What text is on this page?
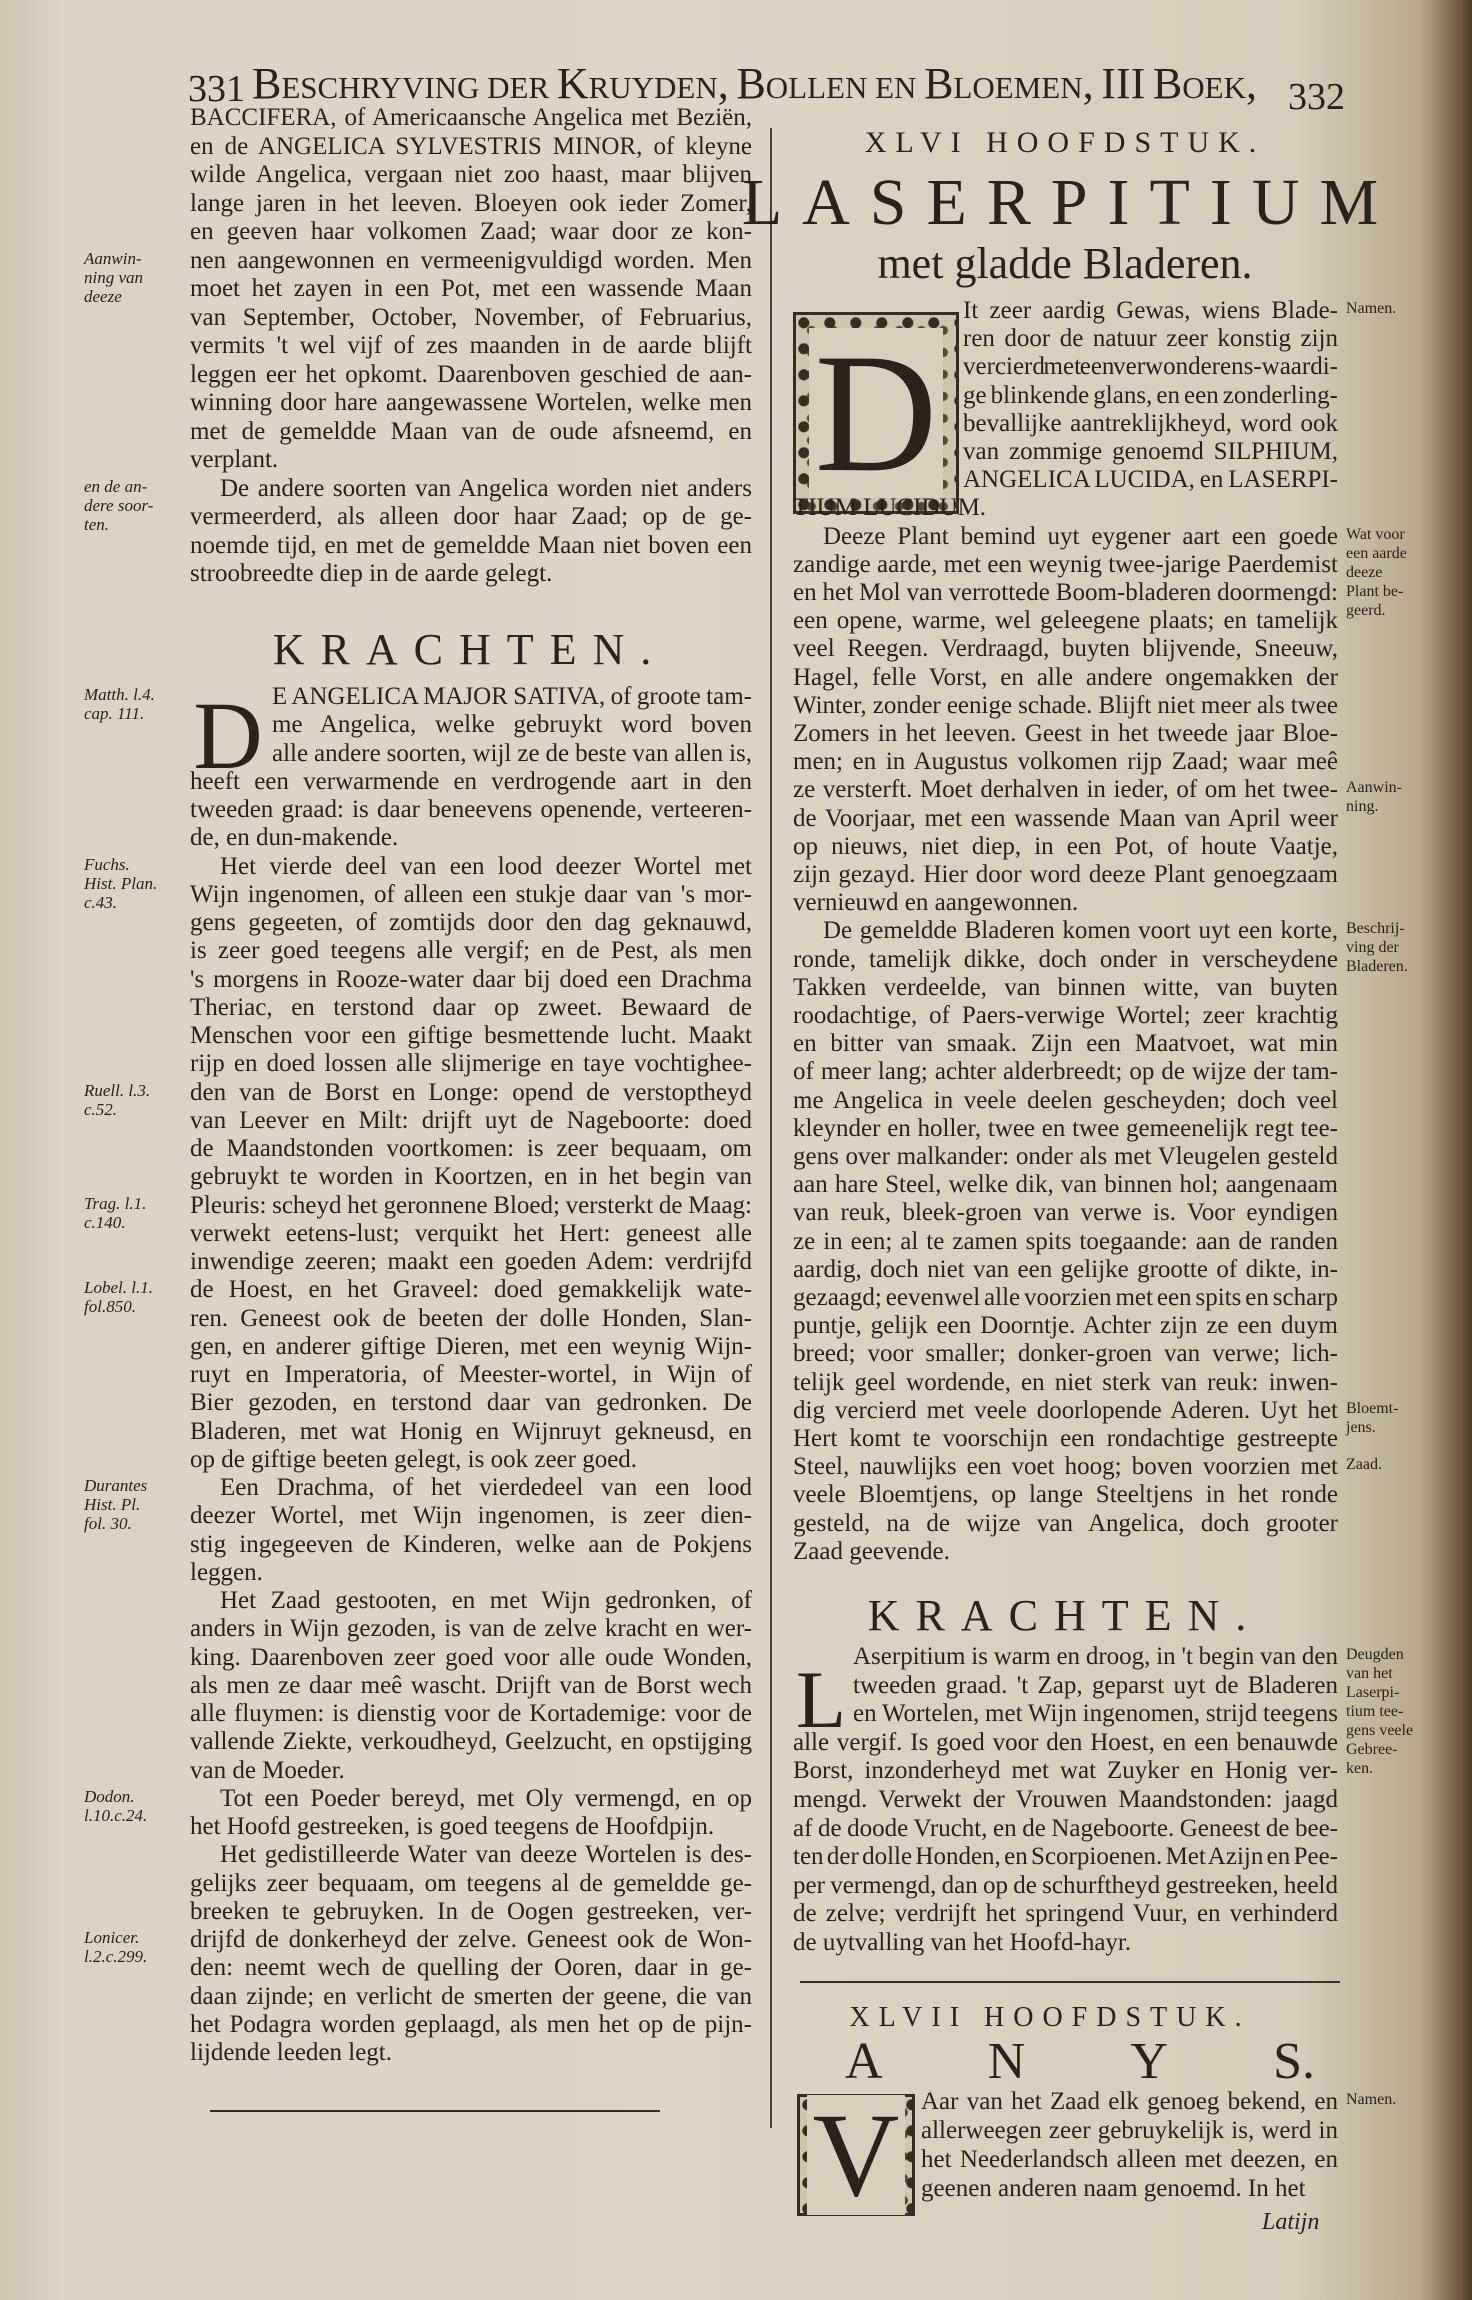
331 Beschryving der Kruyden, Bollen en Bloemen, III Boek, 332
BACCIFERA, of Americaansche Angelica met Beziën,
en de ANGELICA SYLVESTRIS MINOR, of kleyne
wilde Angelica, vergaan niet zoo haast, maar blijven
lange jaren in het leeven. Bloeyen ook ieder Zomer,
en geeven haar volkomen Zaad; waar door ze kon-
nen aangewonnen en vermeenigvuldigd worden. Men
moet het zayen in een Pot, met een wassende Maan
van September, October, November, of Februarius,
vermits 't wel vijf of zes maanden in de aarde blijft
leggen eer het opkomt. Daarenboven geschied de aan-
winning door hare aangewassene Wortelen, welke men
met de gemeldde Maan van de oude afsneemd, en
verplant.
De andere soorten van Angelica worden niet anders
vermeerderd, als alleen door haar Zaad; op de ge-
noemde tijd, en met de gemeldde Maan niet boven een
stroobreedte diep in de aarde gelegt.
Aanwin-
ning van
deeze
en de an-
dere soor-
ten.
KRACHTEN.
D E ANGELICA MAJOR SATIVA, of groote tam-
me Angelica, welke gebruykt word boven
alle andere soorten, wijl ze de beste van allen is,
heeft een verwarmende en verdrogende aart in den
tweeden graad: is daar beneevens openende, verteeren-
de, en dun-makende.
Het vierde deel van een lood deezer Wortel met
Wijn ingenomen, of alleen een stukje daar van 's mor-
gens gegeeten, of zomtijds door den dag geknauwd,
is zeer goed teegens alle vergif; en de Pest, als men
's morgens in Rooze-water daar bij doed een Drachma
Theriac, en terstond daar op zweet. Bewaard de
Menschen voor een giftige besmettende lucht. Maakt
rijp en doed lossen alle slijmerige en taye vochtighee-
den van de Borst en Longe: opend de verstoptheyd
van Leever en Milt: drijft uyt de Nageboorte: doed
de Maandstonden voortkomen: is zeer bequaam, om
gebruykt te worden in Koortzen, en in het begin van
Pleuris: scheyd het geronnene Bloed; versterkt de Maag:
verwekt eetens-lust; verquikt het Hert: geneest alle
inwendige zeeren; maakt een goeden Adem: verdrijfd
de Hoest, en het Graveel: doed gemakkelijk wate-
ren. Geneest ook de beeten der dolle Honden, Slan-
gen, en anderer giftige Dieren, met een weynig Wijn-
ruyt en Imperatoria, of Meester-wortel, in Wijn of
Bier gezoden, en terstond daar van gedronken. De
Bladeren, met wat Honig en Wijnruyt gekneusd, en
op de giftige beeten gelegt, is ook zeer goed.
Een Drachma, of het vierdedeel van een lood
deezer Wortel, met Wijn ingenomen, is zeer dien-
stig ingegeeven de Kinderen, welke aan de Pokjens
leggen.
Het Zaad gestooten, en met Wijn gedronken, of
anders in Wijn gezoden, is van de zelve kracht en wer-
king. Daarenboven zeer goed voor alle oude Wonden,
als men ze daar meê wascht. Drijft van de Borst wech
alle fluymen: is dienstig voor de Kortademige: voor de
vallende Ziekte, verkoudheyd, Geelzucht, en opstijging
van de Moeder.
Tot een Poeder bereyd, met Oly vermengd, en op
het Hoofd gestreeken, is goed teegens de Hoofdpijn.
Het gedistilleerde Water van deeze Wortelen is des-
gelijks zeer bequaam, om teegens al de gemeldde ge-
breeken te gebruyken. In de Oogen gestreeken, ver-
drijfd de donkerheyd der zelve. Geneest ook de Won-
den: neemt wech de quelling der Ooren, daar in ge-
daan zijnde; en verlicht de smerten der geene, die van
het Podagra worden geplaagd, als men het op de pijn-
lijdende leeden legt.
Matth. l.4.
cap. 111.
Fuchs.
Hist. Plan.
c.43.
Ruell. l.3.
c.52.
Trag. l.1.
c.140.
Lobel. l.1.
fol.850.
Durantes
Hist. Pl.
fol. 30.
Dodon.
l.10.c.24.
Lonicer.
l.2.c.299.
XLVI HOOFDSTUK.
LASERPITIUM
met gladde Bladeren.
D
It zeer aardig Gewas, wiens Blade-
ren door de natuur zeer konstig zijn
vercierd met een verwonderens-waardi-
ge blinkende glans, en een zonderling-
bevallijke aantreklijkheyd, word ook
van zommige genoemd SILPHIUM,
ANGELICA LUCIDA, en LASERPI-
TIUM LUCIDUM.
Deeze Plant bemind uyt eygener aart een goede
zandige aarde, met een weynig twee-jarige Paerdemist
en het Mol van verrottede Boom-bladeren doormengd:
een opene, warme, wel geleegene plaats; en tamelijk
veel Reegen. Verdraagd, buyten blijvende, Sneeuw,
Hagel, felle Vorst, en alle andere ongemakken der
Winter, zonder eenige schade. Blijft niet meer als twee
Zomers in het leeven. Geest in het tweede jaar Bloe-
men; en in Augustus volkomen rijp Zaad; waar meê
ze versterft. Moet derhalven in ieder, of om het twee-
de Voorjaar, met een wassende Maan van April weer
op nieuws, niet diep, in een Pot, of houte Vaatje,
zijn gezayd. Hier door word deeze Plant genoegzaam
vernieuwd en aangewonnen.
De gemeldde Bladeren komen voort uyt een korte,
ronde, tamelijk dikke, doch onder in verscheydene
Takken verdeelde, van binnen witte, van buyten
roodachtige, of Paers-verwige Wortel; zeer krachtig
en bitter van smaak. Zijn een Maatvoet, wat min
of meer lang; achter alderbreedt; op de wijze der tam-
me Angelica in veele deelen gescheyden; doch veel
kleynder en holler, twee en twee gemeenelijk regt tee-
gens over malkander: onder als met Vleugelen gesteld
aan hare Steel, welke dik, van binnen hol; aangenaam
van reuk, bleek-groen van verwe is. Voor eyndigen
ze in een; al te zamen spits toegaande: aan de randen
aardig, doch niet van een gelijke grootte of dikte, in-
gezaagd; eevenwel alle voorzien met een spits en scharp
puntje, gelijk een Doorntje. Achter zijn ze een duym
breed; voor smaller; donker-groen van verwe; lich-
telijk geel wordende, en niet sterk van reuk: inwen-
dig vercierd met veele doorlopende Aderen. Uyt het
Hert komt te voorschijn een rondachtige gestreepte
Steel, nauwlijks een voet hoog; boven voorzien met
veele Bloemtjens, op lange Steeltjens in het ronde
gesteld, na de wijze van Angelica, doch grooter
Zaad geevende.
Namen.
Wat voor
een aarde
deeze
Plant be-
geerd.
Aanwin-
ning.
Beschrij-
ving der
Bladeren.
Bloemt-
jens.
Zaad.
KRACHTEN.
L Aserpitium is warm en droog, in 't begin van den
tweeden graad. 't Zap, geparst uyt de Bladeren
en Wortelen, met Wijn ingenomen, strijd teegens
alle vergif. Is goed voor den Hoest, en een benauwde
Borst, inzonderheyd met wat Zuyker en Honig ver-
mengd. Verwekt der Vrouwen Maandstonden: jaagd
af de doode Vrucht, en de Nageboorte. Geneest de bee-
ten der dolle Honden, en Scorpioenen. Met Azijn en Pee-
per vermengd, dan op de schurftheyd gestreeken, heeld
de zelve; verdrijft het springend Vuur, en verhinderd
de uytvalling van het Hoofd-hayr.
Deugden
van het
Laserpi-
tium tee-
gens veele
Gebree-
ken.
XLVII HOOFDSTUK.
A N Y S.
V Aar van het Zaad elk genoeg bekend, en
allerweegen zeer gebruykelijk is, werd in
het Neederlandsch alleen met deezen, en
geenen anderen naam genoemd. In het
Namen.
Latijn
